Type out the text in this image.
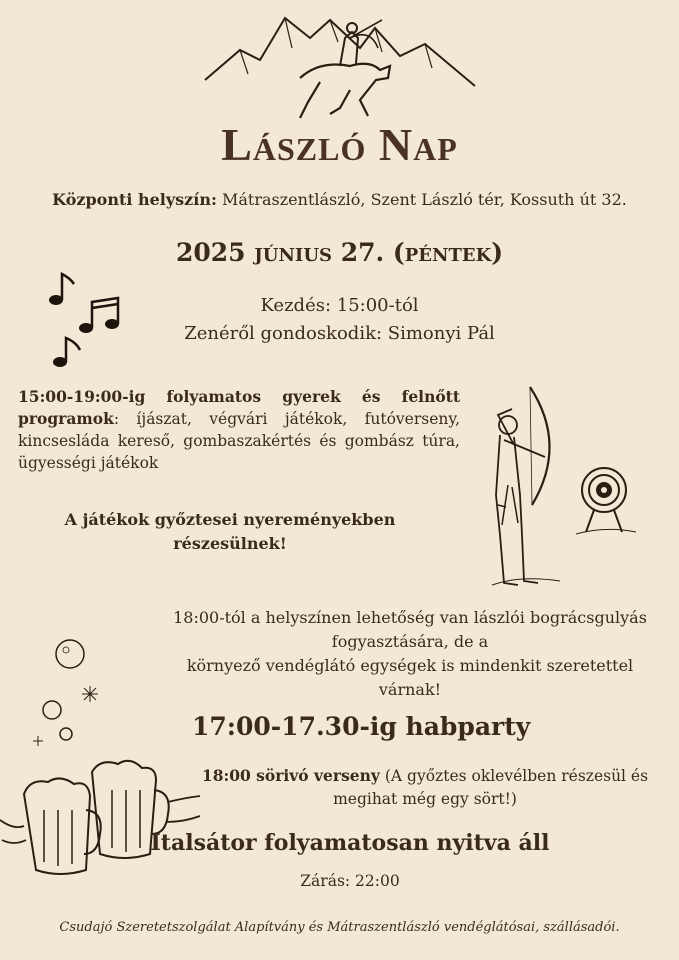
László Nap
Központi helyszín: Mátraszentlászló, Szent László tér, Kossuth út 32.
2025 június 27. (péntek)
Kezdés: 15:00-tól
Zenéről gondoskodik: Simonyi Pál
15:00-19:00-ig folyamatos gyerek és felnőtt programok: íjászat, végvári játékok, futóverseny, kincsesláda kereső, gombaszakértés és gombász túra, ügyességi játékok
A játékok győztesei nyereményekben
részesülnek!
18:00-tól a helyszínen lehetőség van lászlói bográcsgulyás
fogyasztására, de a
környező vendéglátó egységek is mindenkit szeretettel
várnak!
17:00-17.30-ig habparty
18:00 sörivó verseny (A győztes oklevélben részesül és
megihat még egy sört!)
Italsátor folyamatosan nyitva áll
Zárás: 22:00
Csudajó Szeretetszolgálat Alapítvány és Mátraszentlászló vendéglátósai, szállásadói.
